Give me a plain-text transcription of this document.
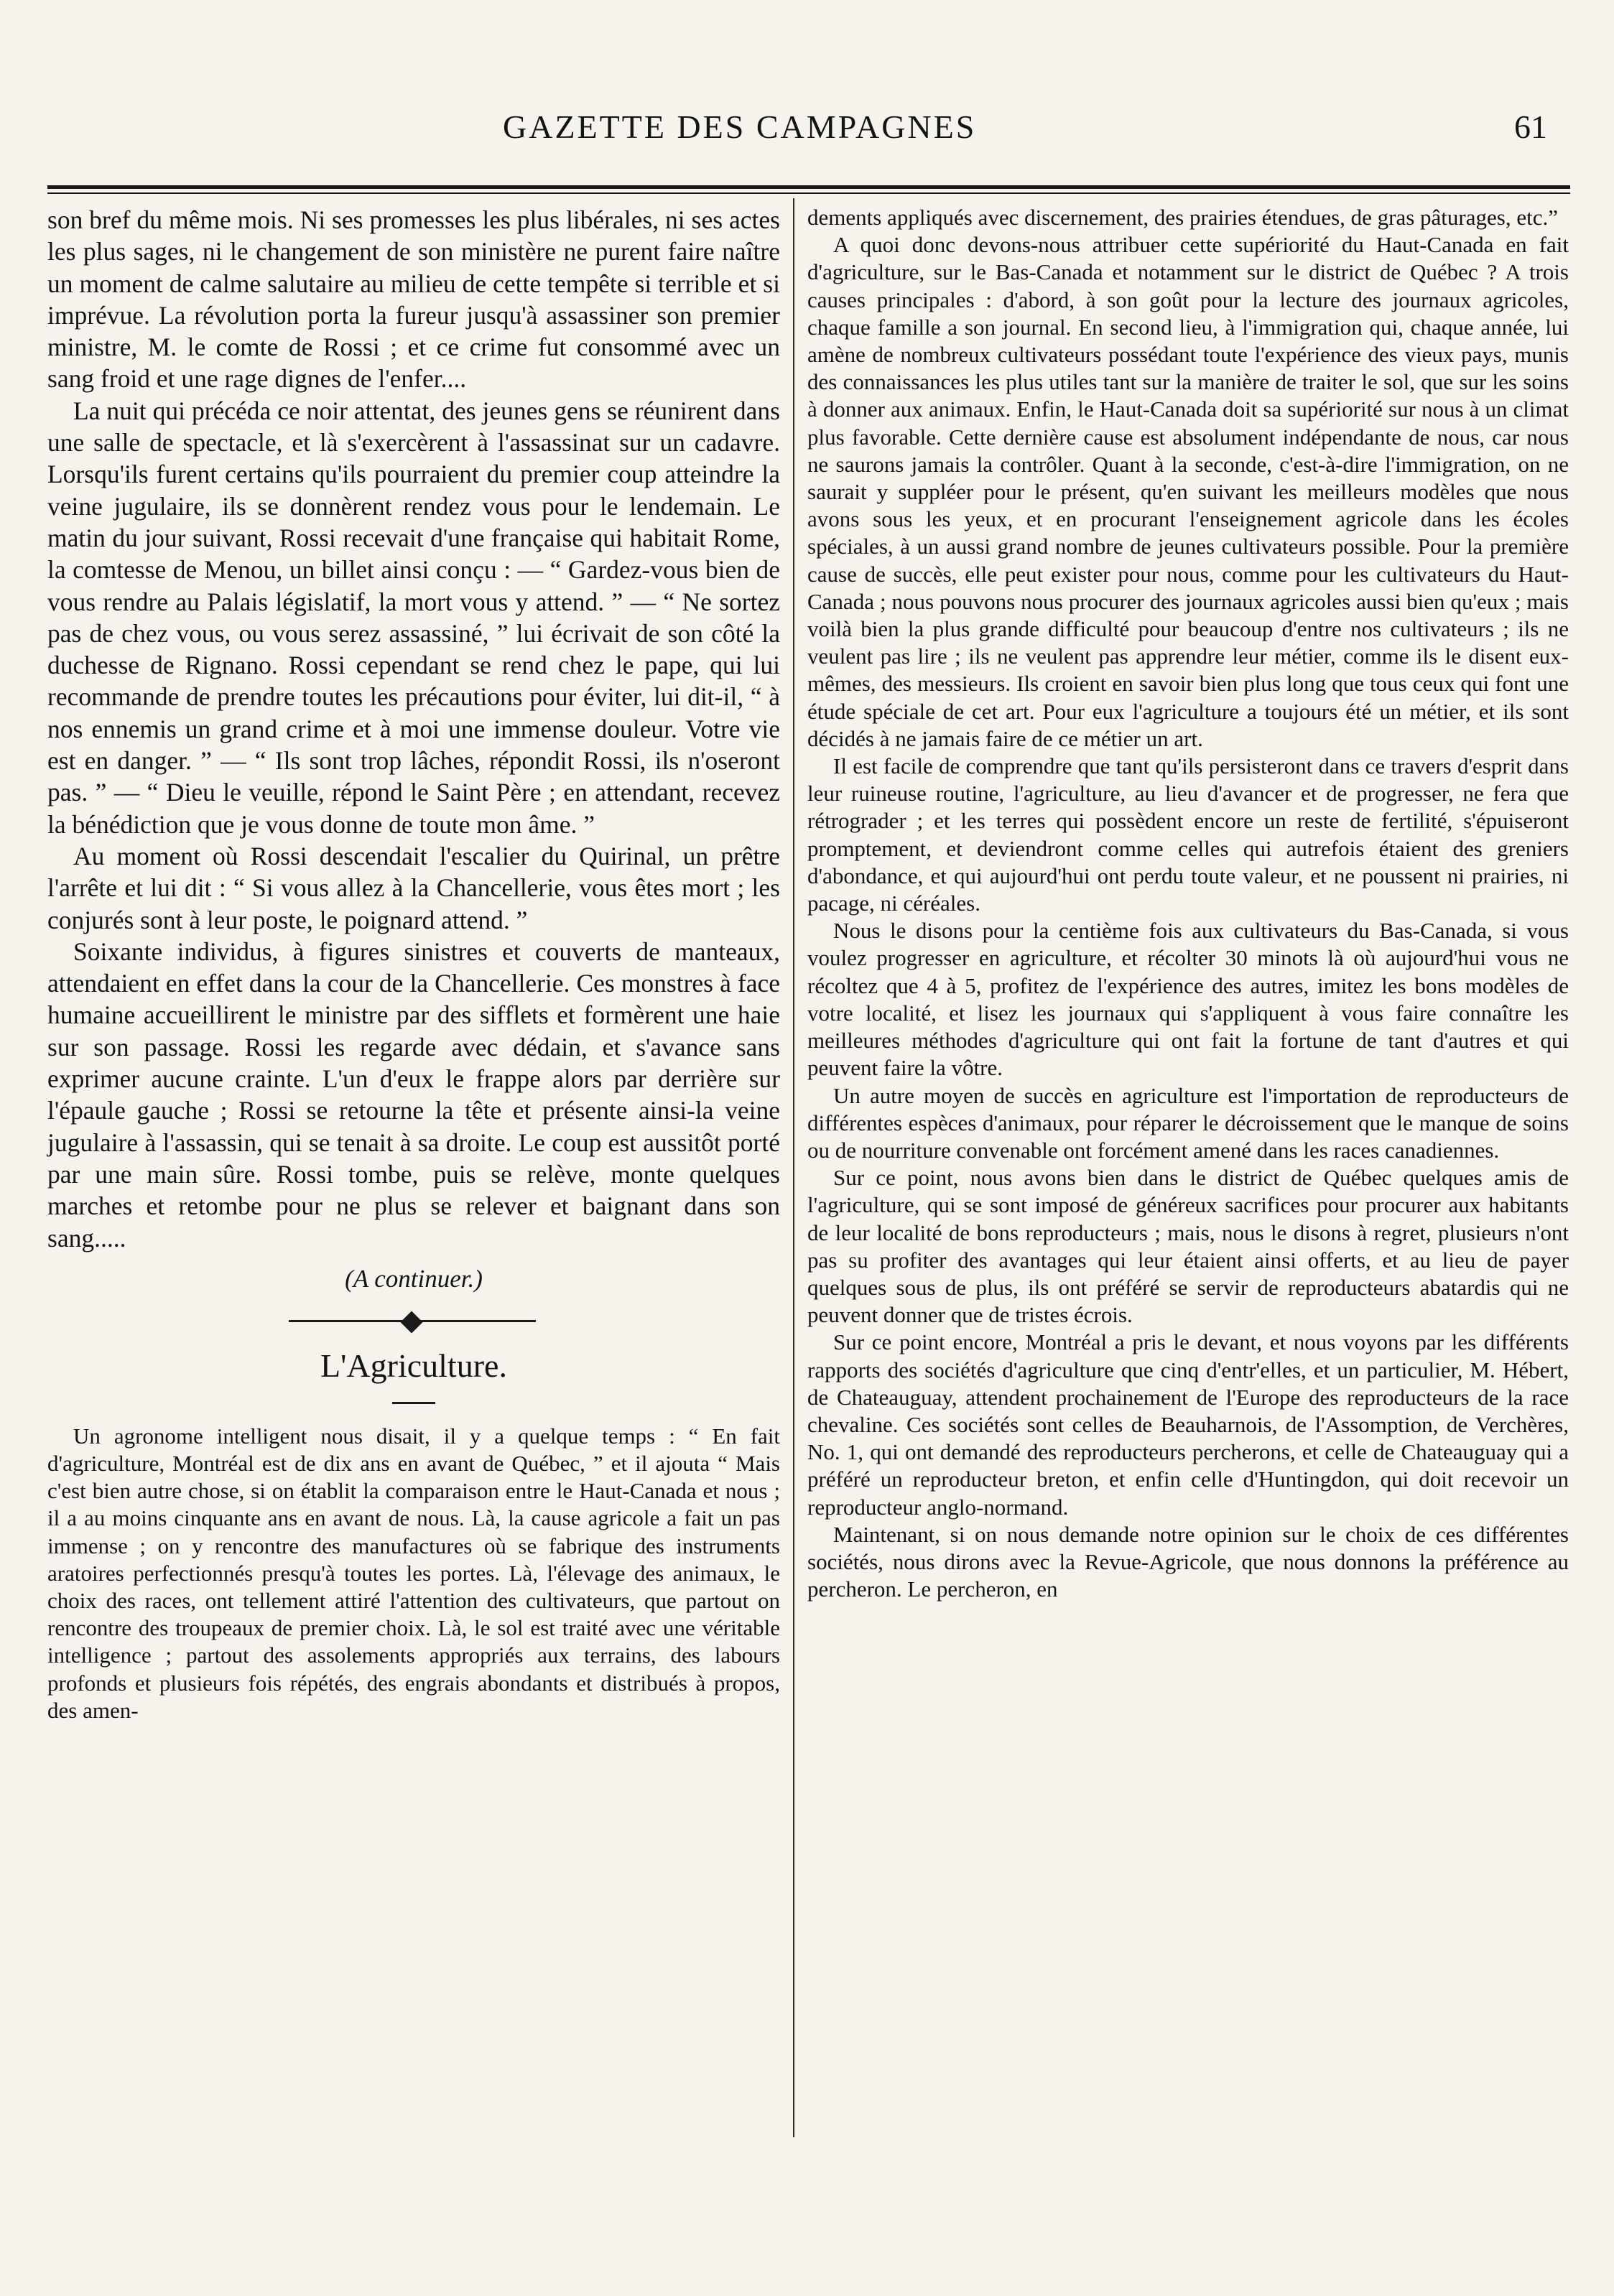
GAZETTE DES CAMPAGNES	61

son bref du même mois. Ni ses promesses les plus libérales, ni ses actes les plus sages, ni le changement de son ministère ne purent faire naître un moment de calme salutaire au milieu de cette tempête si terrible et si imprévue. La révolution porta la fureur jusqu'à assassiner son premier ministre, M. le comte de Rossi ; et ce crime fut consommé avec un sang froid et une rage dignes de l'enfer....

La nuit qui précéda ce noir attentat, des jeunes gens se réunirent dans une salle de spectacle, et là s'exercèrent à l'assassinat sur un cadavre. Lorsqu'ils furent certains qu'ils pourraient du premier coup atteindre la veine jugulaire, ils se donnèrent rendez vous pour le lendemain. Le matin du jour suivant, Rossi recevait d'une française qui habitait Rome, la comtesse de Menou, un billet ainsi conçu : — “ Gardez-vous bien de vous rendre au Palais législatif, la mort vous y attend. ” — “ Ne sortez pas de chez vous, ou vous serez assassiné, ” lui écrivait de son côté la duchesse de Rignano. Rossi cependant se rend chez le pape, qui lui recommande de prendre toutes les précautions pour éviter, lui dit-il, “ à nos ennemis un grand crime et à moi une immense douleur. Votre vie est en danger. ” — “ Ils sont trop lâches, répondit Rossi, ils n'oseront pas. ” — “ Dieu le veuille, répond le Saint Père ; en attendant, recevez la bénédiction que je vous donne de toute mon âme. ”

Au moment où Rossi descendait l'escalier du Quirinal, un prêtre l'arrête et lui dit : “ Si vous allez à la Chancellerie, vous êtes mort ; les conjurés sont à leur poste, le poignard attend. ”

Soixante individus, à figures sinistres et couverts de manteaux, attendaient en effet dans la cour de la Chancellerie. Ces monstres à face humaine accueillirent le ministre par des sifflets et formèrent une haie sur son passage. Rossi les regarde avec dédain, et s'avance sans exprimer aucune crainte. L'un d'eux le frappe alors par derrière sur l'épaule gauche ; Rossi se retourne la tête et présente ainsi-la veine jugulaire à l'assassin, qui se tenait à sa droite. Le coup est aussitôt porté par une main sûre. Rossi tombe, puis se relève, monte quelques marches et retombe pour ne plus se relever et baignant dans son sang.....

(A continuer.)

L'Agriculture.

Un agronome intelligent nous disait, il y a quelque temps : “ En fait d'agriculture, Montréal est de dix ans en avant de Québec, ” et il ajouta “ Mais c'est bien autre chose, si on établit la comparaison entre le Haut-Canada et nous ; il a au moins cinquante ans en avant de nous. Là, la cause agricole a fait un pas immense ; on y rencontre des manufactures où se fabrique des instruments aratoires perfectionnés presqu'à toutes les portes. Là, l'élevage des animaux, le choix des races, ont tellement attiré l'attention des cultivateurs, que partout on rencontre des troupeaux de premier choix. Là, le sol est traité avec une véritable intelligence ; partout des assolements appropriés aux terrains, des labours profonds et plusieurs fois répétés, des engrais abondants et distribués à propos, des amen-

dements appliqués avec discernement, des prairies étendues, de gras pâturages, etc.”

A quoi donc devons-nous attribuer cette supériorité du Haut-Canada en fait d'agriculture, sur le Bas-Canada et notamment sur le district de Québec ? A trois causes principales : d'abord, à son goût pour la lecture des journaux agricoles, chaque famille a son journal. En second lieu, à l'immigration qui, chaque année, lui amène de nombreux cultivateurs possédant toute l'expérience des vieux pays, munis des connaissances les plus utiles tant sur la manière de traiter le sol, que sur les soins à donner aux animaux. Enfin, le Haut-Canada doit sa supériorité sur nous à un climat plus favorable. Cette dernière cause est absolument indépendante de nous, car nous ne saurons jamais la contrôler. Quant à la seconde, c'est-à-dire l'immigration, on ne saurait y suppléer pour le présent, qu'en suivant les meilleurs modèles que nous avons sous les yeux, et en procurant l'enseignement agricole dans les écoles spéciales, à un aussi grand nombre de jeunes cultivateurs possible. Pour la première cause de succès, elle peut exister pour nous, comme pour les cultivateurs du Haut-Canada ; nous pouvons nous procurer des journaux agricoles aussi bien qu'eux ; mais voilà bien la plus grande difficulté pour beaucoup d'entre nos cultivateurs ; ils ne veulent pas lire ; ils ne veulent pas apprendre leur métier, comme ils le disent eux-mêmes, des messieurs. Ils croient en savoir bien plus long que tous ceux qui font une étude spéciale de cet art. Pour eux l'agriculture a toujours été un métier, et ils sont décidés à ne jamais faire de ce métier un art.

Il est facile de comprendre que tant qu'ils persisteront dans ce travers d'esprit dans leur ruineuse routine, l'agriculture, au lieu d'avancer et de progresser, ne fera que rétrograder ; et les terres qui possèdent encore un reste de fertilité, s'épuiseront promptement, et deviendront comme celles qui autrefois étaient des greniers d'abondance, et qui aujourd'hui ont perdu toute valeur, et ne poussent ni prairies, ni pacage, ni céréales.

Nous le disons pour la centième fois aux cultivateurs du Bas-Canada, si vous voulez progresser en agriculture, et récolter 30 minots là où aujourd'hui vous ne récoltez que 4 à 5, profitez de l'expérience des autres, imitez les bons modèles de votre localité, et lisez les journaux qui s'appliquent à vous faire connaître les meilleures méthodes d'agriculture qui ont fait la fortune de tant d'autres et qui peuvent faire la vôtre.

Un autre moyen de succès en agriculture est l'importation de reproducteurs de différentes espèces d'animaux, pour réparer le décroissement que le manque de soins ou de nourriture convenable ont forcément amené dans les races canadiennes.

Sur ce point, nous avons bien dans le district de Québec quelques amis de l'agriculture, qui se sont imposé de généreux sacrifices pour procurer aux habitants de leur localité de bons reproducteurs ; mais, nous le disons à regret, plusieurs n'ont pas su profiter des avantages qui leur étaient ainsi offerts, et au lieu de payer quelques sous de plus, ils ont préféré se servir de reproducteurs abatardis qui ne peuvent donner que de tristes écrois.

Sur ce point encore, Montréal a pris le devant, et nous voyons par les différents rapports des sociétés d'agriculture que cinq d'entr'elles, et un particulier, M. Hébert, de Chateauguay, attendent prochainement de l'Europe des reproducteurs de la race chevaline. Ces sociétés sont celles de Beauharnois, de l'Assomption, de Verchères, No. 1, qui ont demandé des reproducteurs percherons, et celle de Chateauguay qui a préféré un reproducteur breton, et enfin celle d'Huntingdon, qui doit recevoir un reproducteur anglo-normand.

Maintenant, si on nous demande notre opinion sur le choix de ces différentes sociétés, nous dirons avec la Revue-Agricole, que nous donnons la préférence au percheron. Le percheron, en
